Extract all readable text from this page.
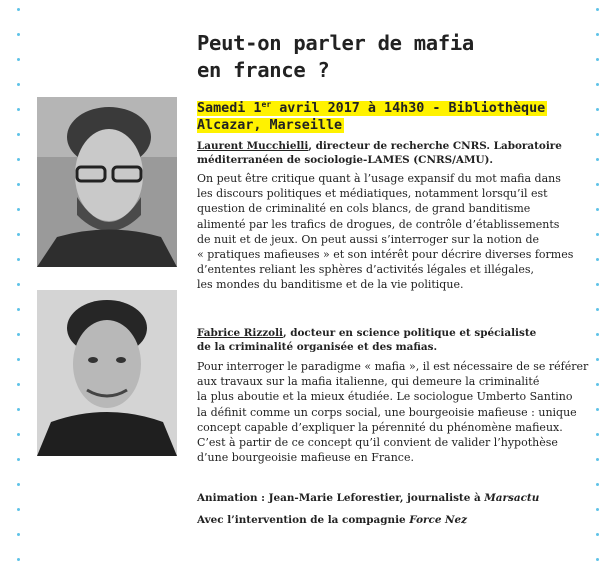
Peut-on parler de mafia
en france ?
Samedi 1er avril 2017 à 14h30 - Bibliothèque
Alcazar, Marseille
Laurent Mucchielli, directeur de recherche CNRS. Laboratoire
méditerranéen de sociologie-LAMES (CNRS/AMU).
On peut être critique quant à l’usage expansif du mot mafia dans
les discours politiques et médiatiques, notamment lorsqu’il est
question de criminalité en cols blancs, de grand banditisme
alimenté par les trafics de drogues, de contrôle d’établissements
de nuit et de jeux. On peut aussi s’interroger sur la notion de
« pratiques mafieuses » et son intérêt pour décrire diverses formes
d’ententes reliant les sphères d’activités légales et illégales,
les mondes du banditisme et de la vie politique.
Fabrice Rizzoli, docteur en science politique et spécialiste
de la criminalité organisée et des mafias.
Pour interroger le paradigme « mafia », il est nécessaire de se référer
aux travaux sur la mafia italienne, qui demeure la criminalité
la plus aboutie et la mieux étudiée. Le sociologue Umberto Santino
la définit comme un corps social, une bourgeoisie mafieuse : unique
concept capable d’expliquer la pérennité du phénomène mafieux.
C’est à partir de ce concept qu’il convient de valider l’hypothèse
d’une bourgeoisie mafieuse en France.
Animation : Jean-Marie Leforestier, journaliste à Marsactu
Avec l’intervention de la compagnie Force Nez
